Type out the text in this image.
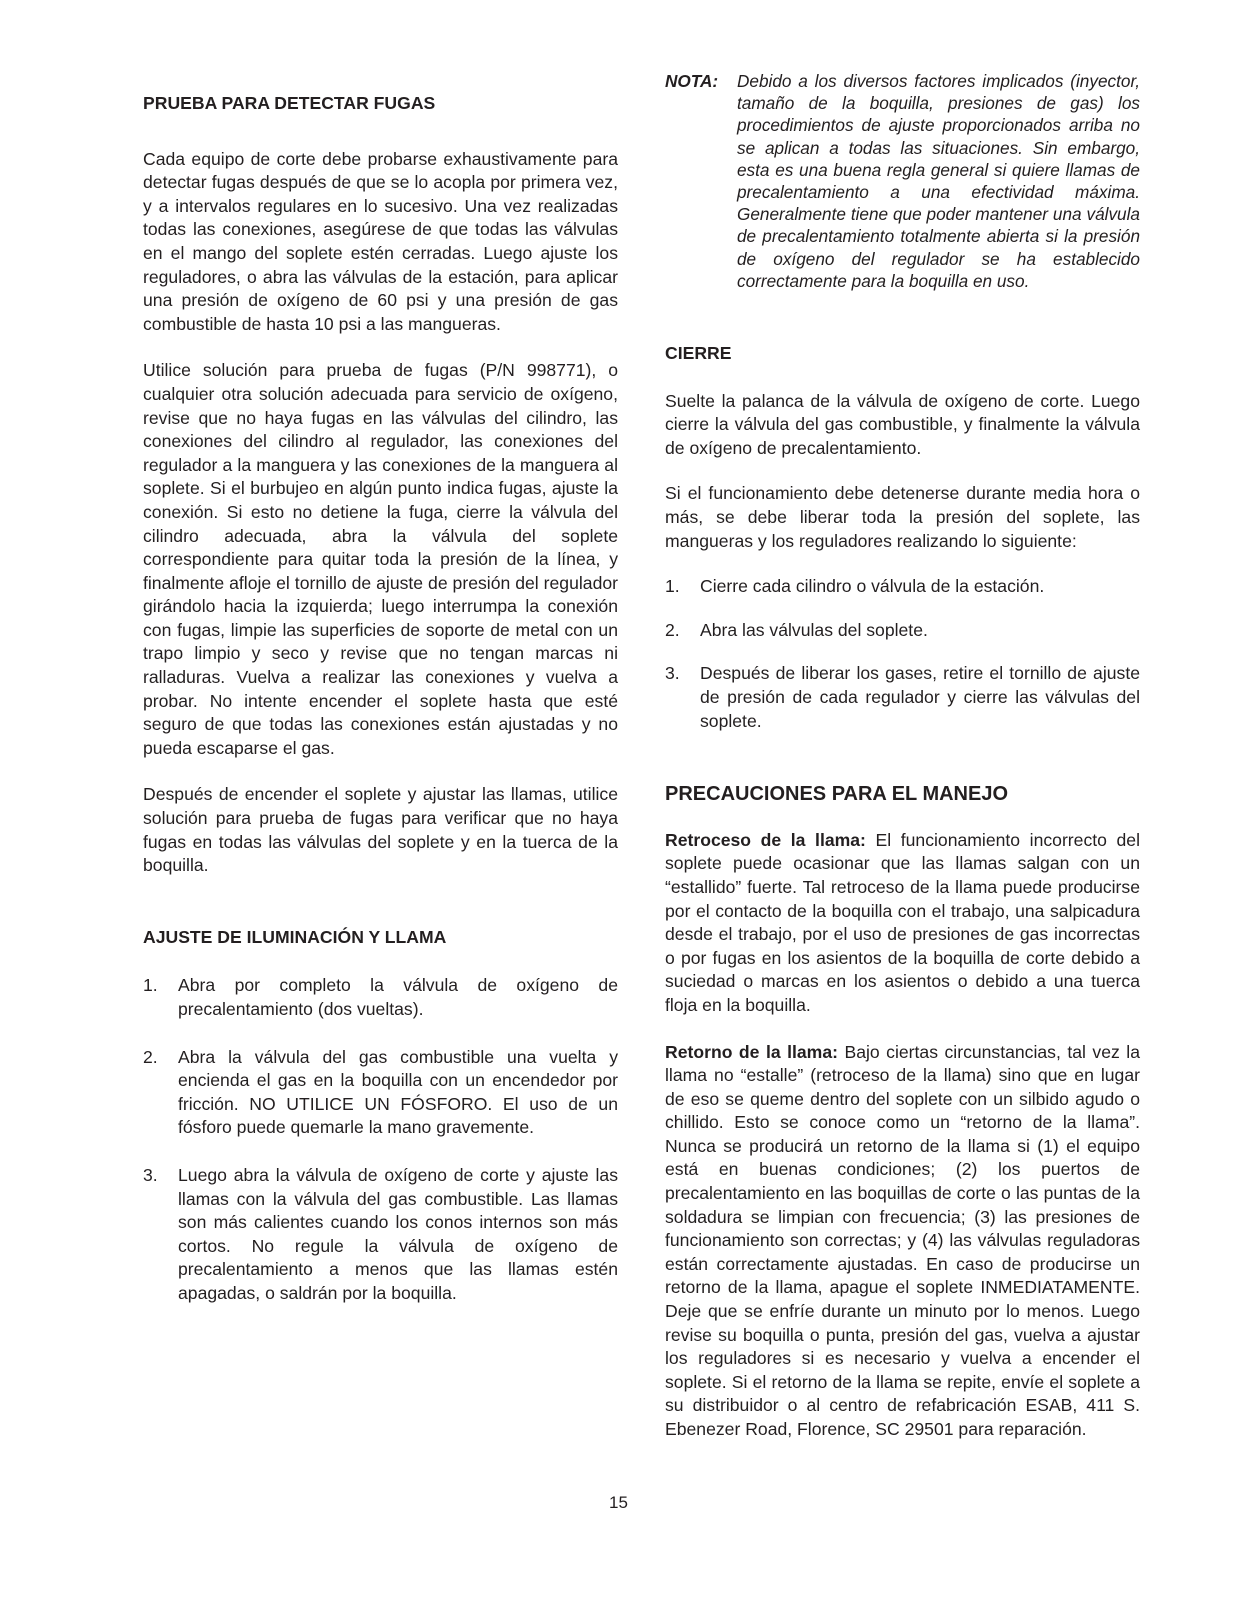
PRUEBA PARA DETECTAR FUGAS

Cada equipo de corte debe probarse exhaustivamente para detectar fugas después de que se lo acopla por primera vez, y a intervalos regulares en lo sucesivo. Una vez realizadas todas las conexiones, asegúrese de que todas las válvulas en el mango del soplete estén cerradas. Luego ajuste los reguladores, o abra las válvulas de la estación, para aplicar una presión de oxígeno de 60 psi y una presión de gas combustible de hasta 10 psi a las mangueras.

Utilice solución para prueba de fugas (P/N 998771), o cualquier otra solución adecuada para servicio de oxígeno, revise que no haya fugas en las válvulas del cilindro, las conexiones del cilindro al regulador, las conexiones del regulador a la manguera y las conexiones de la manguera al soplete. Si el burbujeo en algún punto indica fugas, ajuste la conexión. Si esto no detiene la fuga, cierre la válvula del cilindro adecuada, abra la válvula del soplete correspondiente para quitar toda la presión de la línea, y finalmente afloje el tornillo de ajuste de presión del regulador girándolo hacia la izquierda; luego interrumpa la conexión con fugas, limpie las superficies de soporte de metal con un trapo limpio y seco y revise que no tengan marcas ni ralladuras. Vuelva a realizar las conexiones y vuelva a probar. No intente encender el soplete hasta que esté seguro de que todas las conexiones están ajustadas y no pueda escaparse el gas.

Después de encender el soplete y ajustar las llamas, utilice solución para prueba de fugas para verificar que no haya fugas en todas las válvulas del soplete y en la tuerca de la boquilla.

AJUSTE DE ILUMINACIÓN Y LLAMA
1. Abra por completo la válvula de oxígeno de precalentamiento (dos vueltas).
2. Abra la válvula del gas combustible una vuelta y encienda el gas en la boquilla con un encendedor por fricción. NO UTILICE UN FÓSFORO. El uso de un fósforo puede quemarle la mano gravemente.
3. Luego abra la válvula de oxígeno de corte y ajuste las llamas con la válvula del gas combustible. Las llamas son más calientes cuando los conos internos son más cortos. No regule la válvula de oxígeno de precalentamiento a menos que las llamas estén apagadas, o saldrán por la boquilla.
NOTA: Debido a los diversos factores implicados (inyector, tamaño de la boquilla, presiones de gas) los procedimientos de ajuste proporcionados arriba no se aplican a todas las situaciones. Sin embargo, esta es una buena regla general si quiere llamas de precalentamiento a una efectividad máxima. Generalmente tiene que poder mantener una válvula de precalentamiento totalmente abierta si la presión de oxígeno del regulador se ha establecido correctamente para la boquilla en uso.
CIERRE

Suelte la palanca de la válvula de oxígeno de corte. Luego cierre la válvula del gas combustible, y finalmente la válvula de oxígeno de precalentamiento.

Si el funcionamiento debe detenerse durante media hora o más, se debe liberar toda la presión del soplete, las mangueras y los reguladores realizando lo siguiente:

1. Cierre cada cilindro o válvula de la estación.
2. Abra las válvulas del soplete.
3. Después de liberar los gases, retire el tornillo de ajuste de presión de cada regulador y cierre las válvulas del soplete.
PRECAUCIONES PARA EL MANEJO

Retroceso de la llama: El funcionamiento incorrecto del soplete puede ocasionar que las llamas salgan con un “estallido” fuerte. Tal retroceso de la llama puede producirse por el contacto de la boquilla con el trabajo, una salpicadura desde el trabajo, por el uso de presiones de gas incorrectas o por fugas en los asientos de la boquilla de corte debido a suciedad o marcas en los asientos o debido a una tuerca floja en la boquilla.

Retorno de la llama: Bajo ciertas circunstancias, tal vez la llama no “estalle” (retroceso de la llama) sino que en lugar de eso se queme dentro del soplete con un silbido agudo o chillido. Esto se conoce como un “retorno de la llama”. Nunca se producirá un retorno de la llama si (1) el equipo está en buenas condiciones; (2) los puertos de precalentamiento en las boquillas de corte o las puntas de la soldadura se limpian con frecuencia; (3) las presiones de funcionamiento son correctas; y (4) las válvulas reguladoras están correctamente ajustadas. En caso de producirse un retorno de la llama, apague el soplete INMEDIATAMENTE. Deje que se enfríe durante un minuto por lo menos. Luego revise su boquilla o punta, presión del gas, vuelva a ajustar los reguladores si es necesario y vuelva a encender el soplete. Si el retorno de la llama se repite, envíe el soplete a su distribuidor o al centro de refabricación ESAB, 411 S. Ebenezer Road, Florence, SC 29501 para reparación.

15
